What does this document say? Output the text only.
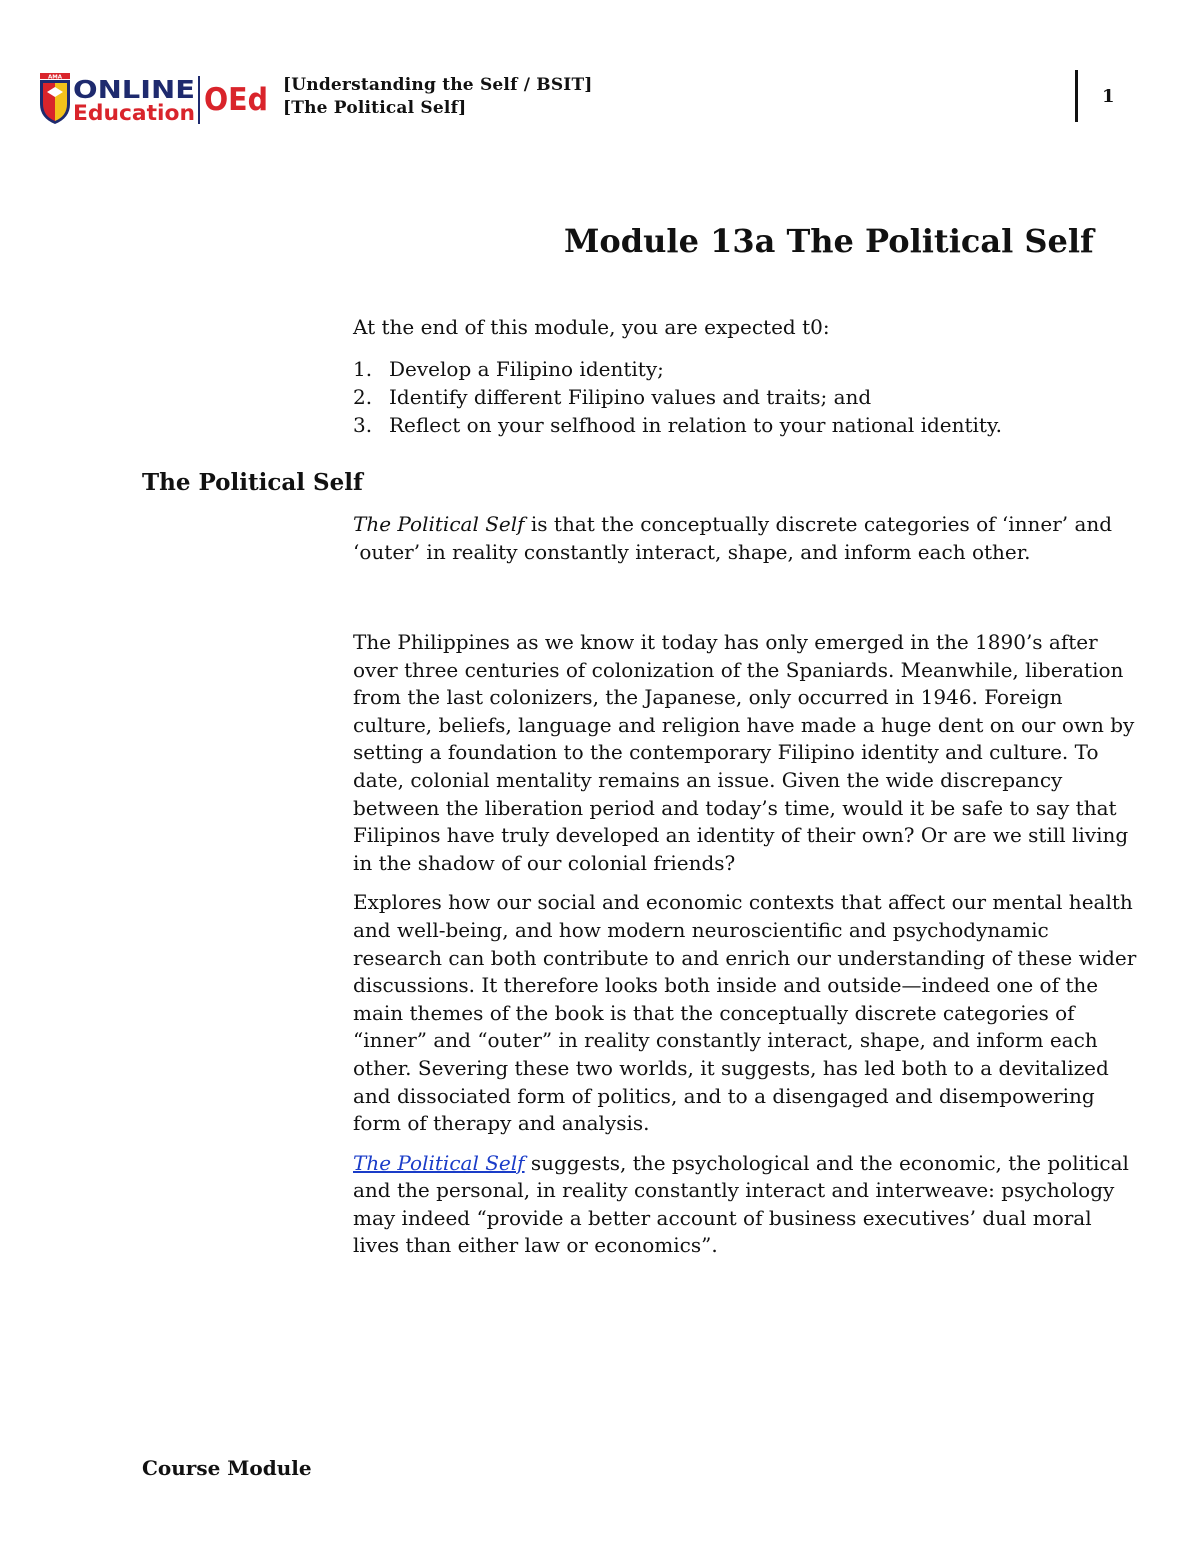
AMA ONLINE
Education OEd [Understanding the Self / BSIT]
[The Political Self]
1
Module 13a The Political Self

At the end of this module, you are expected t0:

1. Develop a Filipino identity;
2. Identify different Filipino values and traits; and
3. Reflect on your selfhood in relation to your national identity.
The Political Self

The Political Self is that the conceptually discrete categories of ‘inner’ and ‘outer’ in reality constantly interact, shape, and inform each other.

The Philippines as we know it today has only emerged in the 1890’s after over three centuries of colonization of the Spaniards. Meanwhile, liberation from the last colonizers, the Japanese, only occurred in 1946. Foreign culture, beliefs, language and religion have made a huge dent on our own by setting a foundation to the contemporary Filipino identity and culture. To date, colonial mentality remains an issue. Given the wide discrepancy between the liberation period and today’s time, would it be safe to say that Filipinos have truly developed an identity of their own? Or are we still living in the shadow of our colonial friends?

Explores how our social and economic contexts that affect our mental health and well-being, and how modern neuroscientific and psychodynamic research can both contribute to and enrich our understanding of these wider discussions. It therefore looks both inside and outside—indeed one of the main themes of the book is that the conceptually discrete categories of “inner” and “outer” in reality constantly interact, shape, and inform each other. Severing these two worlds, it suggests, has led both to a devitalized and dissociated form of politics, and to a disengaged and disempowering form of therapy and analysis.

The Political Self suggests, the psychological and the economic, the political and the personal, in reality constantly interact and interweave: psychology may indeed “provide a better account of business executives’ dual moral lives than either law or economics”.

Course Module
